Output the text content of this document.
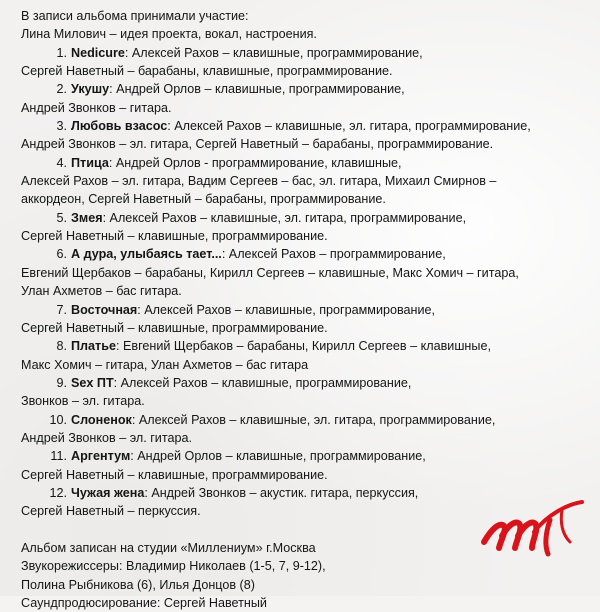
В записи альбома принимали участие:
Лина Милович – идея проекта, вокал, настроения.
1. Nedicure: Алексей Рахов – клавишные, программирование,
Сергей Наветный – барабаны, клавишные, программирование.
2. Укушу: Андрей Орлов – клавишные, программирование,
Андрей Звонков – гитара.
3. Любовь взасос: Алексей Рахов – клавишные, эл. гитара, программирование,
Андрей Звонков – эл. гитара, Сергей Наветный – барабаны, программирование.
4. Птица: Андрей Орлов - программирование, клавишные,
Алексей Рахов – эл. гитара, Вадим Сергеев – бас, эл. гитара, Михаил Смирнов –
аккордеон, Сергей Наветный – барабаны, программирование.
5. Змея: Алексей Рахов – клавишные, эл. гитара, программирование,
Сергей Наветный – клавишные, программирование.
6. А дура, улыбаясь тает...: Алексей Рахов – программирование,
Евгений Щербаков – барабаны, Кирилл Сергеев – клавишные, Макс Хомич – гитара,
Улан Ахметов – бас гитара.
7. Восточная: Алексей Рахов – клавишные, программирование,
Сергей Наветный – клавишные, программирование.
8. Платье: Евгений Щербаков – барабаны, Кирилл Сергеев – клавишные,
Макс Хомич – гитара, Улан Ахметов – бас гитара
9. Sex ПТ: Алексей Рахов – клавишные, программирование,
Звонков – эл. гитара.
10. Слоненок: Алексей Рахов – клавишные, эл. гитара, программирование,
Андрей Звонков – эл. гитара.
11. Аргентум: Андрей Орлов – клавишные, программирование,
Сергей Наветный – клавишные, программирование.
12. Чужая жена: Андрей Звонков – акустик. гитара, перкуссия,
Сергей Наветный – перкуссия.
Альбом записан на студии «Миллениум» г.Москва
Звукорежиссеры: Владимир Николаев (1-5, 7, 9-12),
Полина Рыбникова (6), Илья Донцов (8)
Саундпродюсирование: Сергей Наветный
